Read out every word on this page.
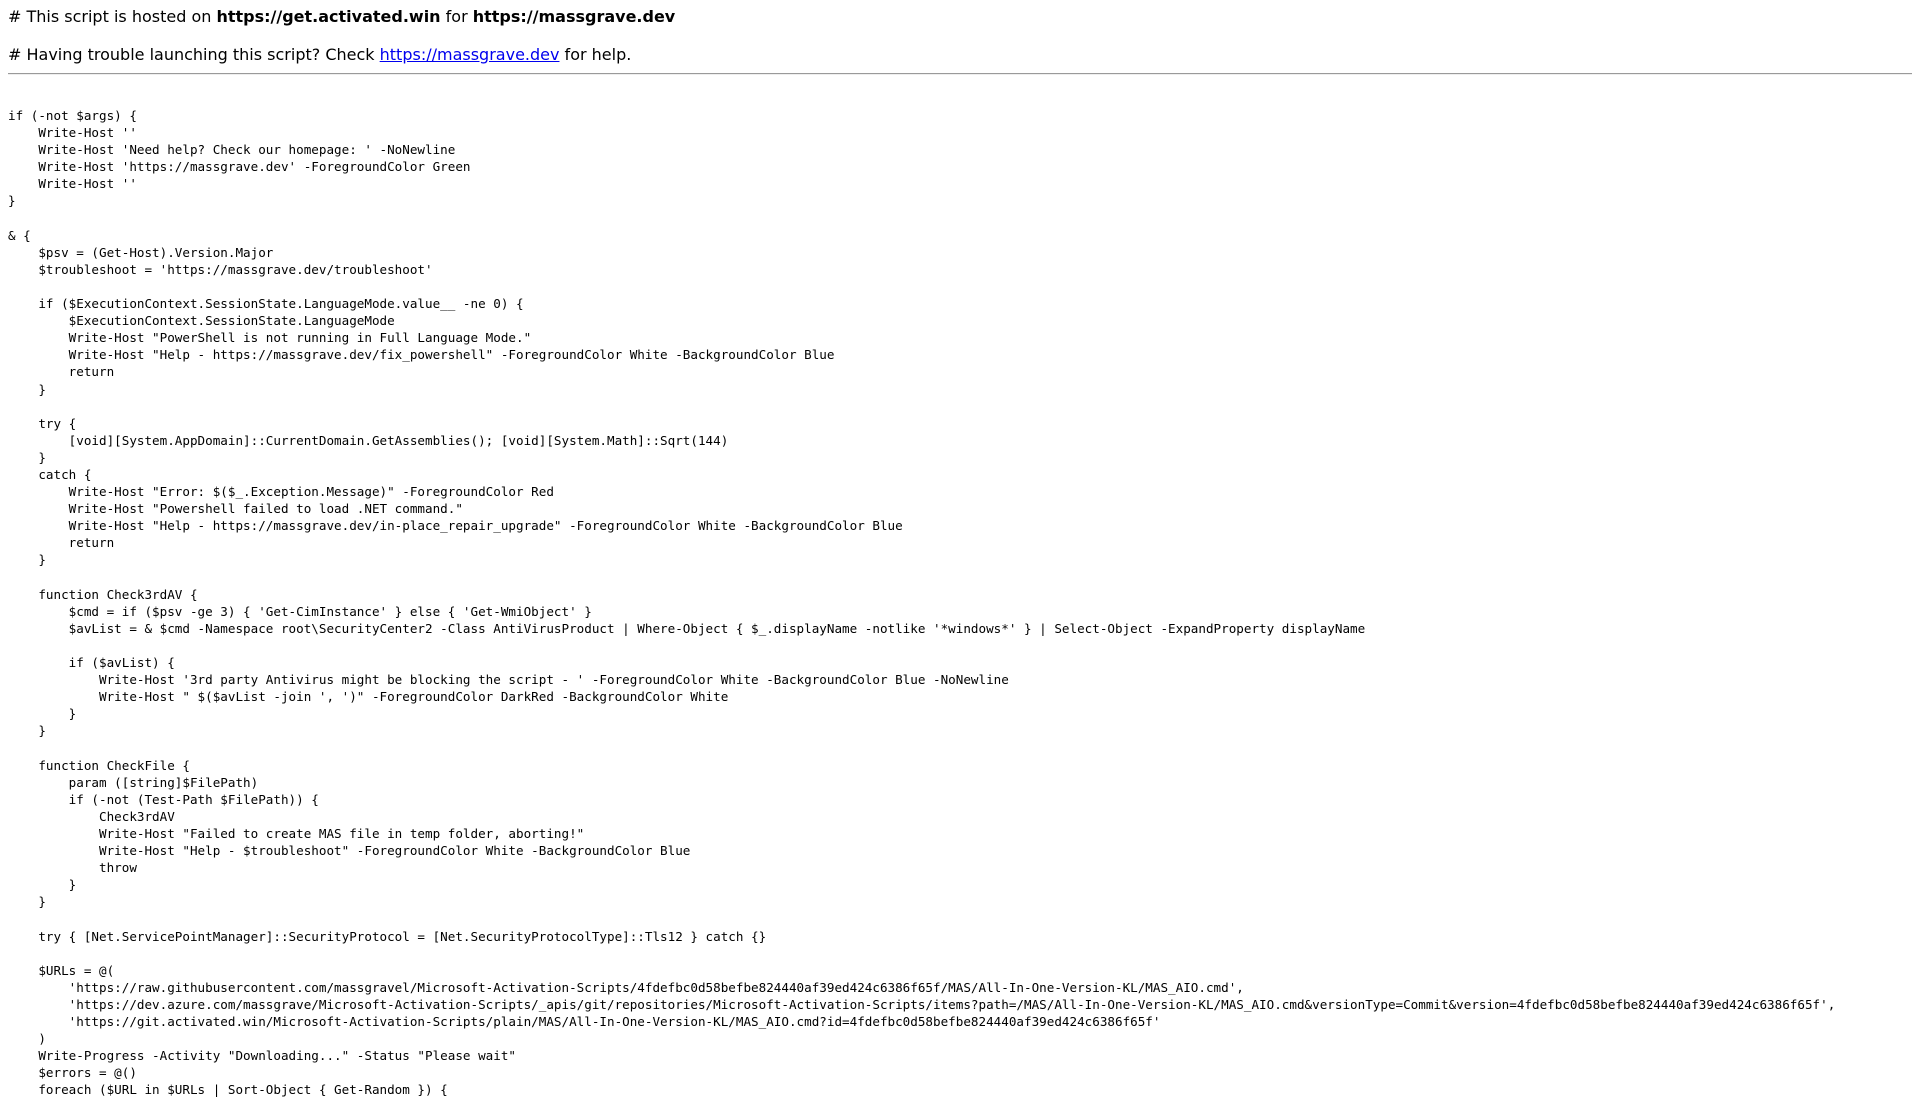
# This script is hosted on https://get.activated.win for https://massgrave.dev

# Having trouble launching this script? Check https://massgrave.dev for help.

if (-not $args) {
Write-Host ''
Write-Host 'Need help? Check our homepage: ' -NoNewline
Write-Host 'https://massgrave.dev' -ForegroundColor Green
Write-Host ''
}

& {
$psv = (Get-Host).Version.Major
$troubleshoot = 'https://massgrave.dev/troubleshoot'

if ($ExecutionContext.SessionState.LanguageMode.value__ -ne 0) {
$ExecutionContext.SessionState.LanguageMode
Write-Host "PowerShell is not running in Full Language Mode."
Write-Host "Help - https://massgrave.dev/fix_powershell" -ForegroundColor White -BackgroundColor Blue
return
}

try {
[void][System.AppDomain]::CurrentDomain.GetAssemblies(); [void][System.Math]::Sqrt(144)
}
catch {
Write-Host "Error: $($_.Exception.Message)" -ForegroundColor Red
Write-Host "Powershell failed to load .NET command."
Write-Host "Help - https://massgrave.dev/in-place_repair_upgrade" -ForegroundColor White -BackgroundColor Blue
return
}

function Check3rdAV {
$cmd = if ($psv -ge 3) { 'Get-CimInstance' } else { 'Get-WmiObject' }
$avList = & $cmd -Namespace root\SecurityCenter2 -Class AntiVirusProduct | Where-Object { $_.displayName -notlike '*windows*' } | Select-Object -ExpandProperty displayName

if ($avList) {
Write-Host '3rd party Antivirus might be blocking the script - ' -ForegroundColor White -BackgroundColor Blue -NoNewline
Write-Host " $($avList -join ', ')" -ForegroundColor DarkRed -BackgroundColor White
}
}

function CheckFile {
param ([string]$FilePath)
if (-not (Test-Path $FilePath)) {
Check3rdAV
Write-Host "Failed to create MAS file in temp folder, aborting!"
Write-Host "Help - $troubleshoot" -ForegroundColor White -BackgroundColor Blue
throw
}
}

try { [Net.ServicePointManager]::SecurityProtocol = [Net.SecurityProtocolType]::Tls12 } catch {}

$URLs = @(
'https://raw.githubusercontent.com/massgravel/Microsoft-Activation-Scripts/4fdefbc0d58befbe824440af39ed424c6386f65f/MAS/All-In-One-Version-KL/MAS_AIO.cmd',
'https://dev.azure.com/massgrave/Microsoft-Activation-Scripts/_apis/git/repositories/Microsoft-Activation-Scripts/items?path=/MAS/All-In-One-Version-KL/MAS_AIO.cmd&versionType=Commit&version=4fdefbc0d58befbe824440af39ed424c6386f65f',
'https://git.activated.win/Microsoft-Activation-Scripts/plain/MAS/All-In-One-Version-KL/MAS_AIO.cmd?id=4fdefbc0d58befbe824440af39ed424c6386f65f'
)
Write-Progress -Activity "Downloading..." -Status "Please wait"
$errors = @()
foreach ($URL in $URLs | Sort-Object { Get-Random }) {
